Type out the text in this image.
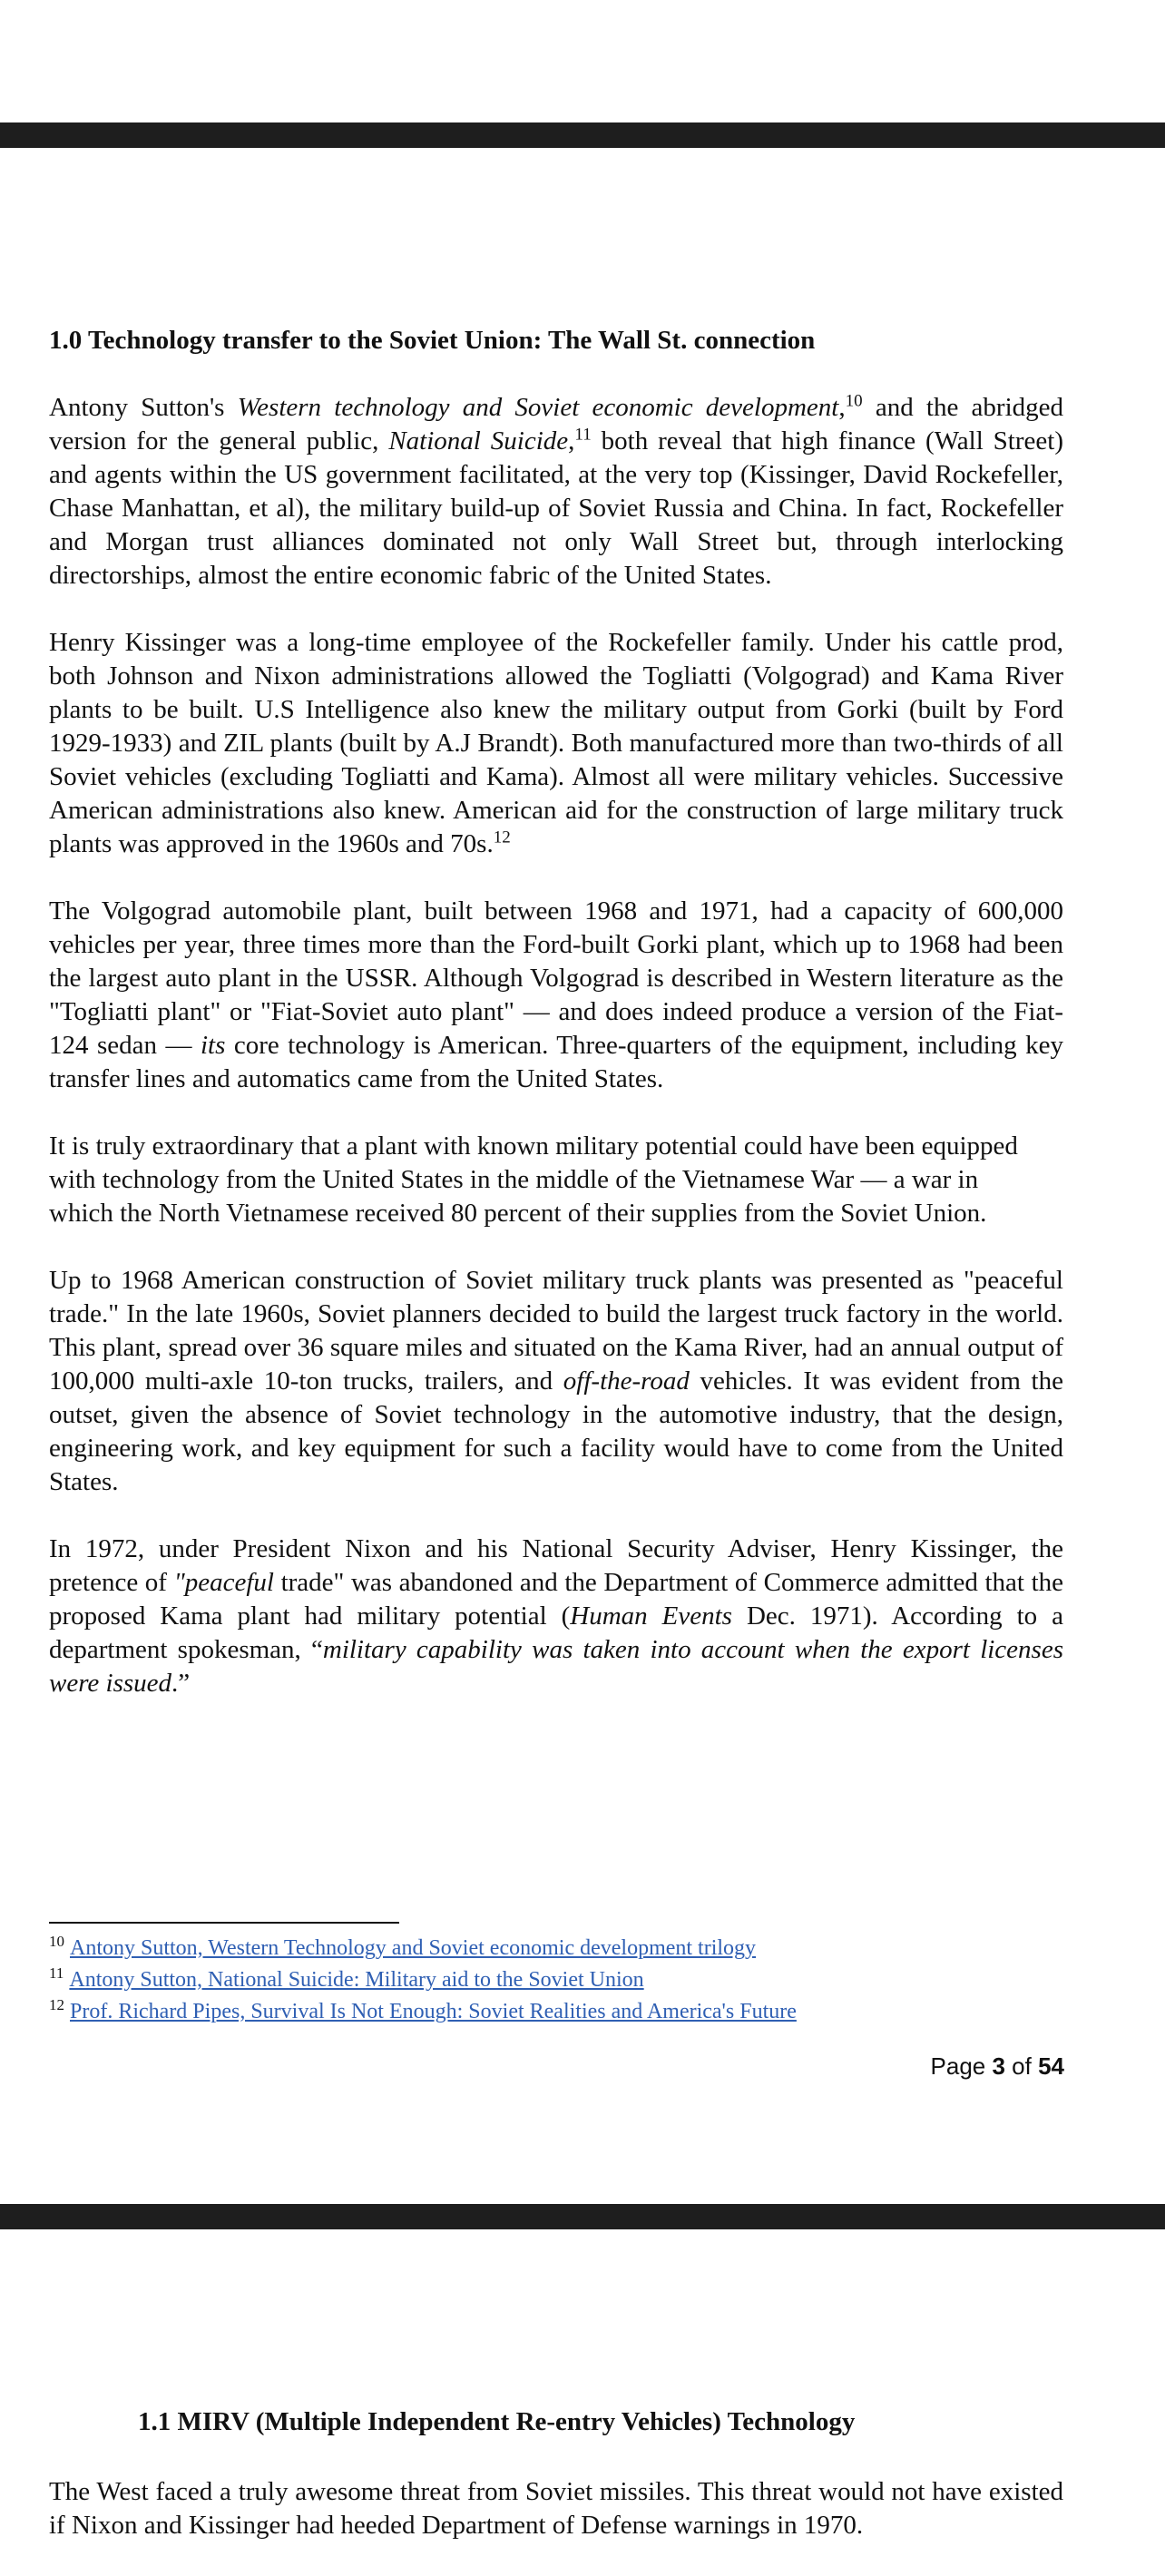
1.0 Technology transfer to the Soviet Union: The Wall St. connection

Antony Sutton's Western technology and Soviet economic development,$^{10}$ and the abridged version for the general public, National Suicide,$^{11}$ both reveal that high finance (Wall Street) and agents within the US government facilitated, at the very top (Kissinger, David Rockefeller, Chase Manhattan, et al), the military build-up of Soviet Russia and China. In fact, Rockefeller and Morgan trust alliances dominated not only Wall Street but, through interlocking directorships, almost the entire economic fabric of the United States.

Henry Kissinger was a long-time employee of the Rockefeller family. Under his cattle prod, both Johnson and Nixon administrations allowed the Togliatti (Volgograd) and Kama River plants to be built. U.S Intelligence also knew the military output from Gorki (built by Ford 1929-1933) and ZIL plants (built by A.J Brandt). Both manufactured more than two-thirds of all Soviet vehicles (excluding Togliatti and Kama). Almost all were military vehicles. Successive American administrations also knew. American aid for the construction of large military truck plants was approved in the 1960s and 70s.$^{12}$

The Volgograd automobile plant, built between 1968 and 1971, had a capacity of 600,000 vehicles per year, three times more than the Ford-built Gorki plant, which up to 1968 had been the largest auto plant in the USSR. Although Volgograd is described in Western literature as the "Togliatti plant" or "Fiat-Soviet auto plant" — and does indeed produce a version of the Fiat-124 sedan — its core technology is American. Three-quarters of the equipment, including key transfer lines and automatics came from the United States.

It is truly extraordinary that a plant with known military potential could have been equipped with technology from the United States in the middle of the Vietnamese War — a war in which the North Vietnamese received 80 percent of their supplies from the Soviet Union.

Up to 1968 American construction of Soviet military truck plants was presented as "peaceful trade." In the late 1960s, Soviet planners decided to build the largest truck factory in the world. This plant, spread over 36 square miles and situated on the Kama River, had an annual output of 100,000 multi-axle 10-ton trucks, trailers, and off-the-road vehicles. It was evident from the outset, given the absence of Soviet technology in the automotive industry, that the design, engineering work, and key equipment for such a facility would have to come from the United States.

In 1972, under President Nixon and his National Security Adviser, Henry Kissinger, the pretence of "peaceful trade" was abandoned and the Department of Commerce admitted that the proposed Kama plant had military potential (Human Events Dec. 1971). According to a department spokesman, “military capability was taken into account when the export licenses were issued.”

$^{10}$ Antony Sutton, Western Technology and Soviet economic development trilogy
$^{11}$ Antony Sutton, National Suicide: Military aid to the Soviet Union
$^{12}$ Prof. Richard Pipes, Survival Is Not Enough: Soviet Realities and America's Future
Page 3 of 54
1.1 MIRV (Multiple Independent Re-entry Vehicles) Technology

The West faced a truly awesome threat from Soviet missiles. This threat would not have existed if Nixon and Kissinger had heeded Department of Defense warnings in 1970.
